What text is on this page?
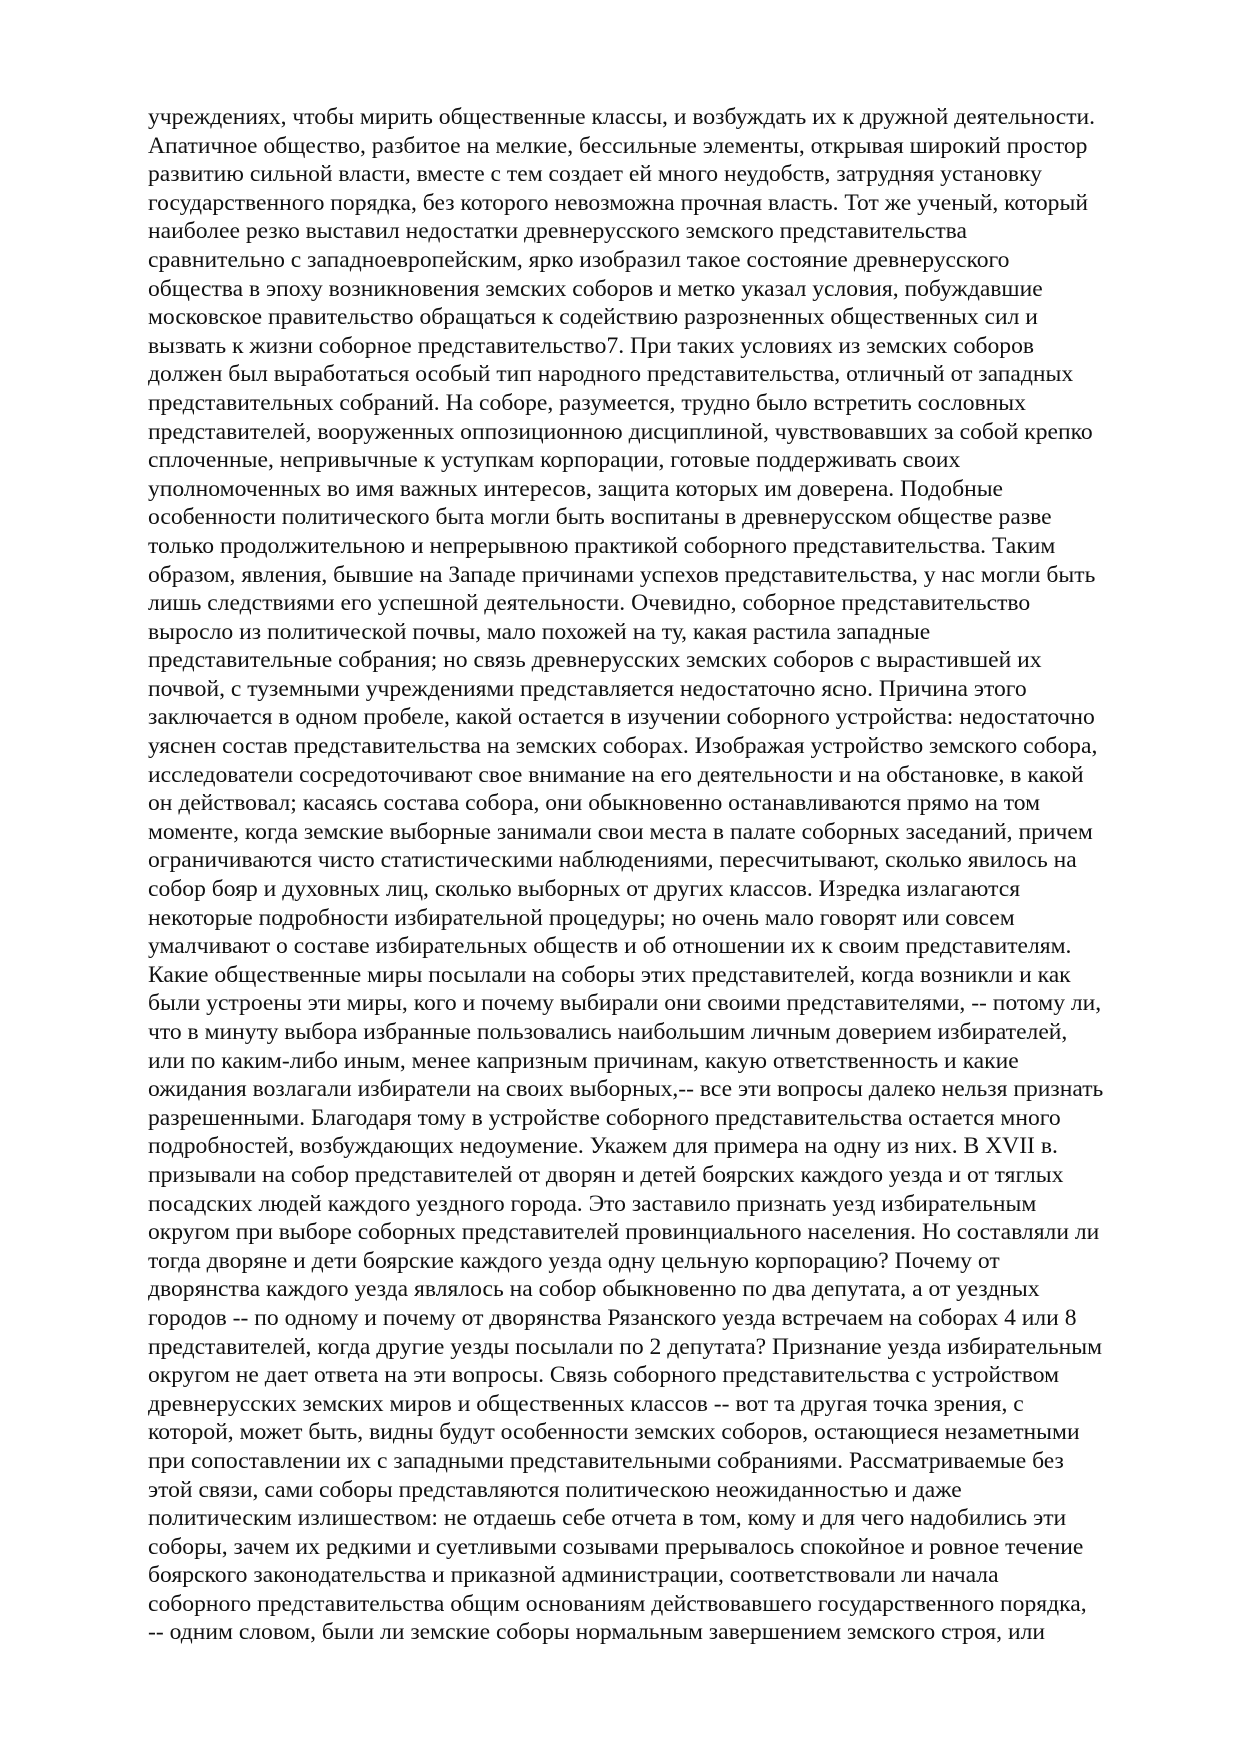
учреждениях, чтобы мирить общественные классы, и возбуждать их к дружной деятельности.
Апатичное общество, разбитое на мелкие, бессильные элементы, открывая широкий простор
развитию сильной власти, вместе с тем создает ей много неудобств, затрудняя установку
государственного порядка, без которого невозможна прочная власть. Тот же ученый, который
наиболее резко выставил недостатки древнерусского земского представительства
сравнительно с западноевропейским, ярко изобразил такое состояние древнерусского
общества в эпоху возникновения земских соборов и метко указал условия, побуждавшие
московское правительство обращаться к содействию разрозненных общественных сил и
вызвать к жизни соборное представительство7. При таких условиях из земских соборов
должен был выработаться особый тип народного представительства, отличный от западных
представительных собраний. На соборе, разумеется, трудно было встретить сословных
представителей, вооруженных оппозиционною дисциплиной, чувствовавших за собой крепко
сплоченные, непривычные к уступкам корпорации, готовые поддерживать своих
уполномоченных во имя важных интересов, защита которых им доверена. Подобные
особенности политического быта могли быть воспитаны в древнерусском обществе разве
только продолжительною и непрерывною практикой соборного представительства. Таким
образом, явления, бывшие на Западе причинами успехов представительства, у нас могли быть
лишь следствиями его успешной деятельности. Очевидно, соборное представительство
выросло из политической почвы, мало похожей на ту, какая растила западные
представительные собрания; но связь древнерусских земских соборов с вырастившей их
почвой, с туземными учреждениями представляется недостаточно ясно. Причина этого
заключается в одном пробеле, какой остается в изучении соборного устройства: недостаточно
уяснен состав представительства на земских соборах. Изображая устройство земского собора,
исследователи сосредоточивают свое внимание на его деятельности и на обстановке, в какой
он действовал; касаясь состава собора, они обыкновенно останавливаются прямо на том
моменте, когда земские выборные занимали свои места в палате соборных заседаний, причем
ограничиваются чисто статистическими наблюдениями, пересчитывают, сколько явилось на
собор бояр и духовных лиц, сколько выборных от других классов. Изредка излагаются
некоторые подробности избирательной процедуры; но очень мало говорят или совсем
умалчивают о составе избирательных обществ и об отношении их к своим представителям.
Какие общественные миры посылали на соборы этих представителей, когда возникли и как
были устроены эти миры, кого и почему выбирали они своими представителями, -- потому ли,
что в минуту выбора избранные пользовались наибольшим личным доверием избирателей,
или по каким-либо иным, менее капризным причинам, какую ответственность и какие
ожидания возлагали избиратели на своих выборных,-- все эти вопросы далеко нельзя признать
разрешенными. Благодаря тому в устройстве соборного представительства остается много
подробностей, возбуждающих недоумение. Укажем для примера на одну из них. В XVII в.
призывали на собор представителей от дворян и детей боярских каждого уезда и от тяглых
посадских людей каждого уездного города. Это заставило признать уезд избирательным
округом при выборе соборных представителей провинциального населения. Но составляли ли
тогда дворяне и дети боярские каждого уезда одну цельную корпорацию? Почему от
дворянства каждого уезда являлось на собор обыкновенно по два депутата, а от уездных
городов -- по одному и почему от дворянства Рязанского уезда встречаем на соборах 4 или 8
представителей, когда другие уезды посылали по 2 депутата? Признание уезда избирательным
округом не дает ответа на эти вопросы. Связь соборного представительства с устройством
древнерусских земских миров и общественных классов -- вот та другая точка зрения, с
которой, может быть, видны будут особенности земских соборов, остающиеся незаметными
при сопоставлении их с западными представительными собраниями. Рассматриваемые без
этой связи, сами соборы представляются политическою неожиданностью и даже
политическим излишеством: не отдаешь себе отчета в том, кому и для чего надобились эти
соборы, зачем их редкими и суетливыми созывами прерывалось спокойное и ровное течение
боярского законодательства и приказной администрации, соответствовали ли начала
соборного представительства общим основаниям действовавшего государственного порядка,
-- одним словом, были ли земские соборы нормальным завершением земского строя, или
